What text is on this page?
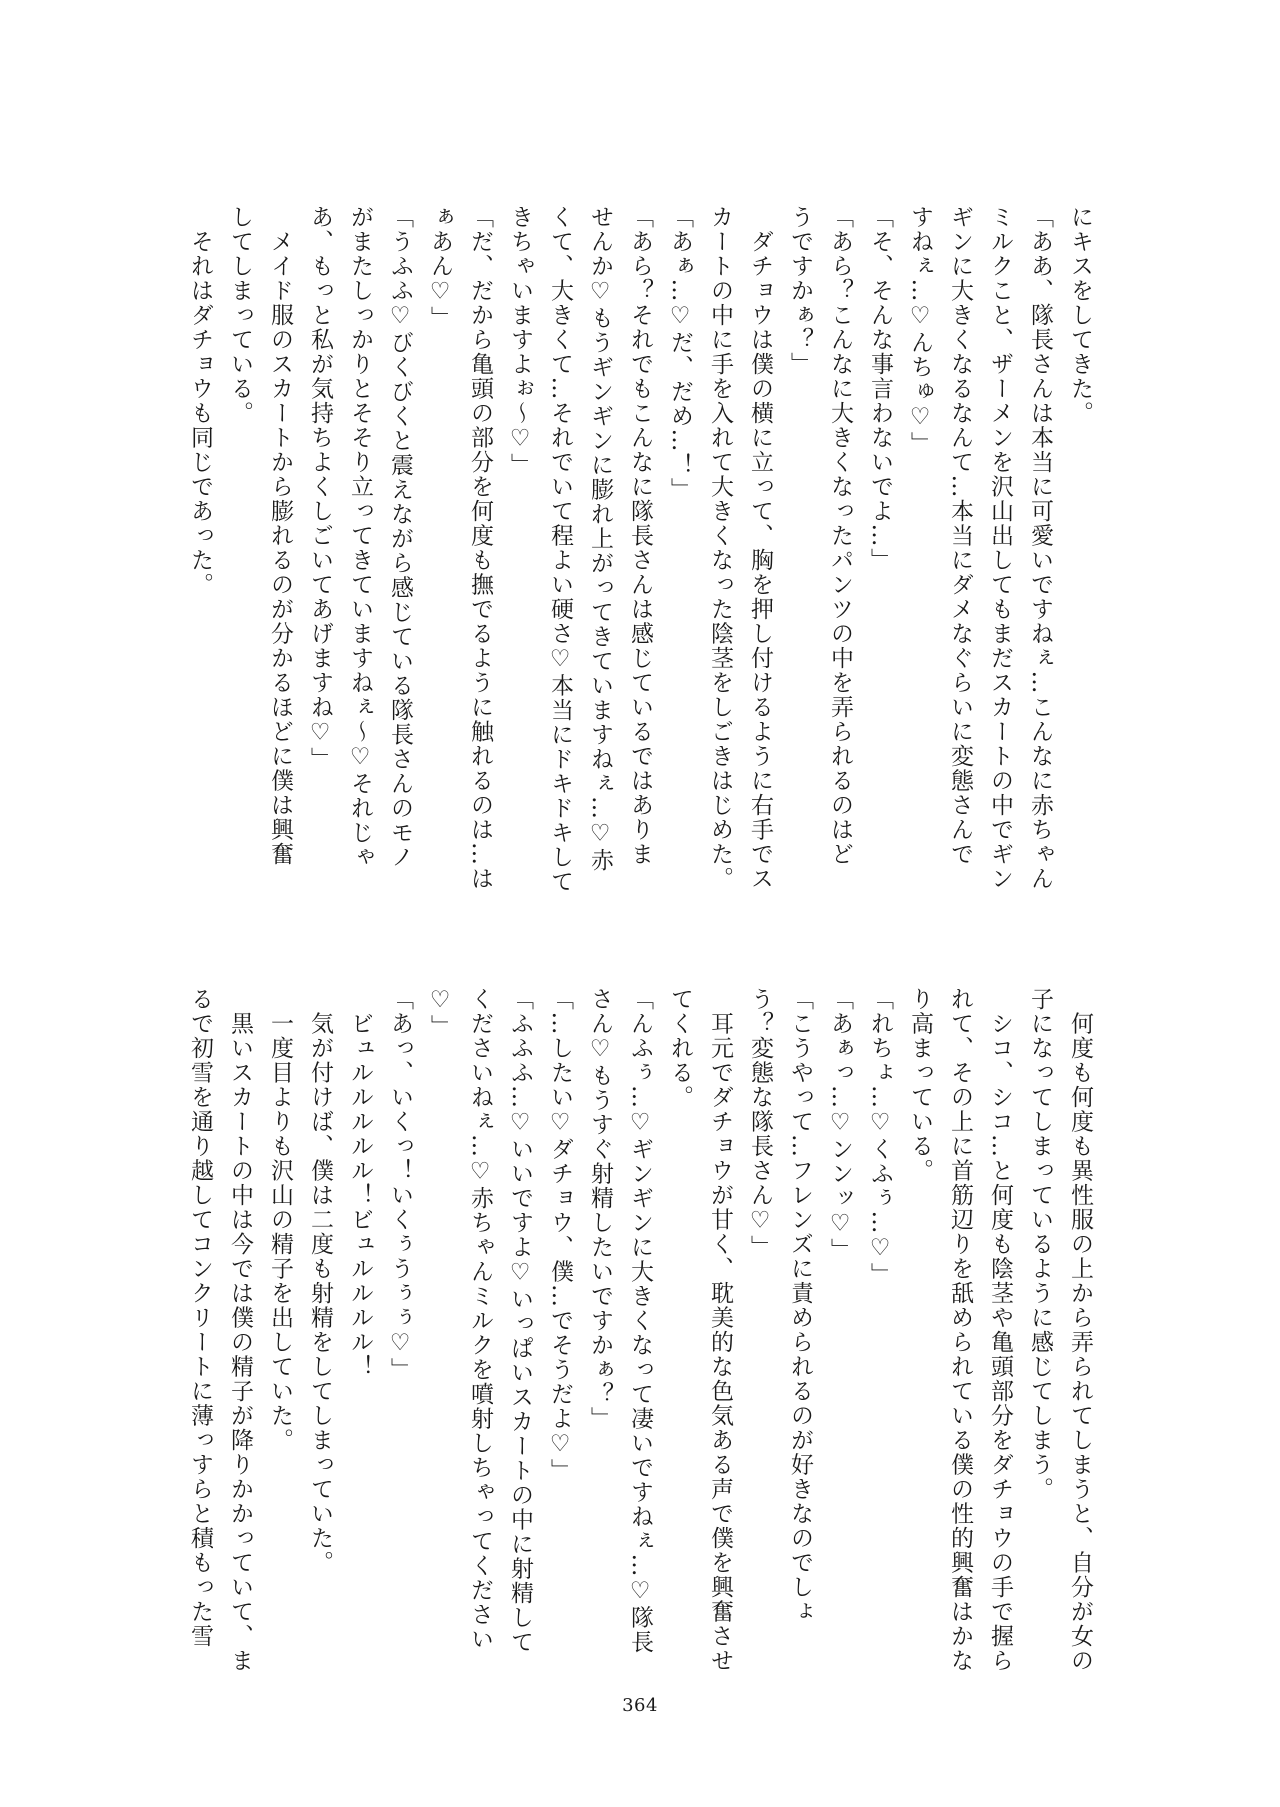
にキスをしてきた。

「ああ、隊長さんは本当に可愛いですねぇ…こんなに赤ちゃん

ミルクこと、ザーメンを沢山出してもまだスカートの中でギン

ギンに大きくなるなんて…本当にダメなぐらいに変態さんで

すねぇ…♡んちゅ♡」

「そ、そんな事言わないでよ…」

「あら？こんなに大きくなったパンツの中を弄られるのはど

うですかぁ？」

　ダチョウは僕の横に立って、胸を押し付けるように右手でス

カートの中に手を入れて大きくなった陰茎をしごきはじめた。

「あぁ…♡だ、だめ…！」

「あら？それでもこんなに隊長さんは感じているではありま

せんか♡もうギンギンに膨れ上がってきていますねぇ…♡赤

くて、大きくて…それでいて程よい硬さ♡本当にドキドキして

きちゃいますよぉ～♡」

「だ、だから亀頭の部分を何度も撫でるように触れるのは…は

ぁあん♡」

「うふふ♡びくびくと震えながら感じている隊長さんのモノ

がまたしっかりとそそり立ってきていますねぇ～♡それじゃ

あ、もっと私が気持ちよくしごいてあげますね♡」

　メイド服のスカートから膨れるのが分かるほどに僕は興奮

してしまっている。

　それはダチョウも同じであった。

　何度も何度も異性服の上から弄られてしまうと、自分が女の

子になってしまっているように感じてしまう。

　シコ、シコ…と何度も陰茎や亀頭部分をダチョウの手で握ら

れて、その上に首筋辺りを舐められている僕の性的興奮はかな

り高まっている。

「れちょ…♡くふぅ…♡」

「あぁっ…♡ンンッ♡」

「こうやって…フレンズに責められるのが好きなのでしょ

う？変態な隊長さん♡」

　耳元でダチョウが甘く、耽美的な色気ある声で僕を興奮させ

てくれる。

「んふぅ…♡ギンギンに大きくなって凄いですねぇ…♡隊長

さん♡もうすぐ射精したいですかぁ？」

「…したい♡ダチョウ、僕…でそうだよ♡」

「ふふふ…♡いいですよ♡いっぱいスカートの中に射精して

くださいねぇ…♡赤ちゃんミルクを噴射しちゃってください

♡」

「あっ、いくっ！いくぅうぅぅ♡」

　ビュルルルルル！ビュルルルル！

　気が付けば、僕は二度も射精をしてしまっていた。

　一度目よりも沢山の精子を出していた。

　黒いスカートの中は今では僕の精子が降りかかっていて、ま

るで初雪を通り越してコンクリートに薄っすらと積もった雪

364
